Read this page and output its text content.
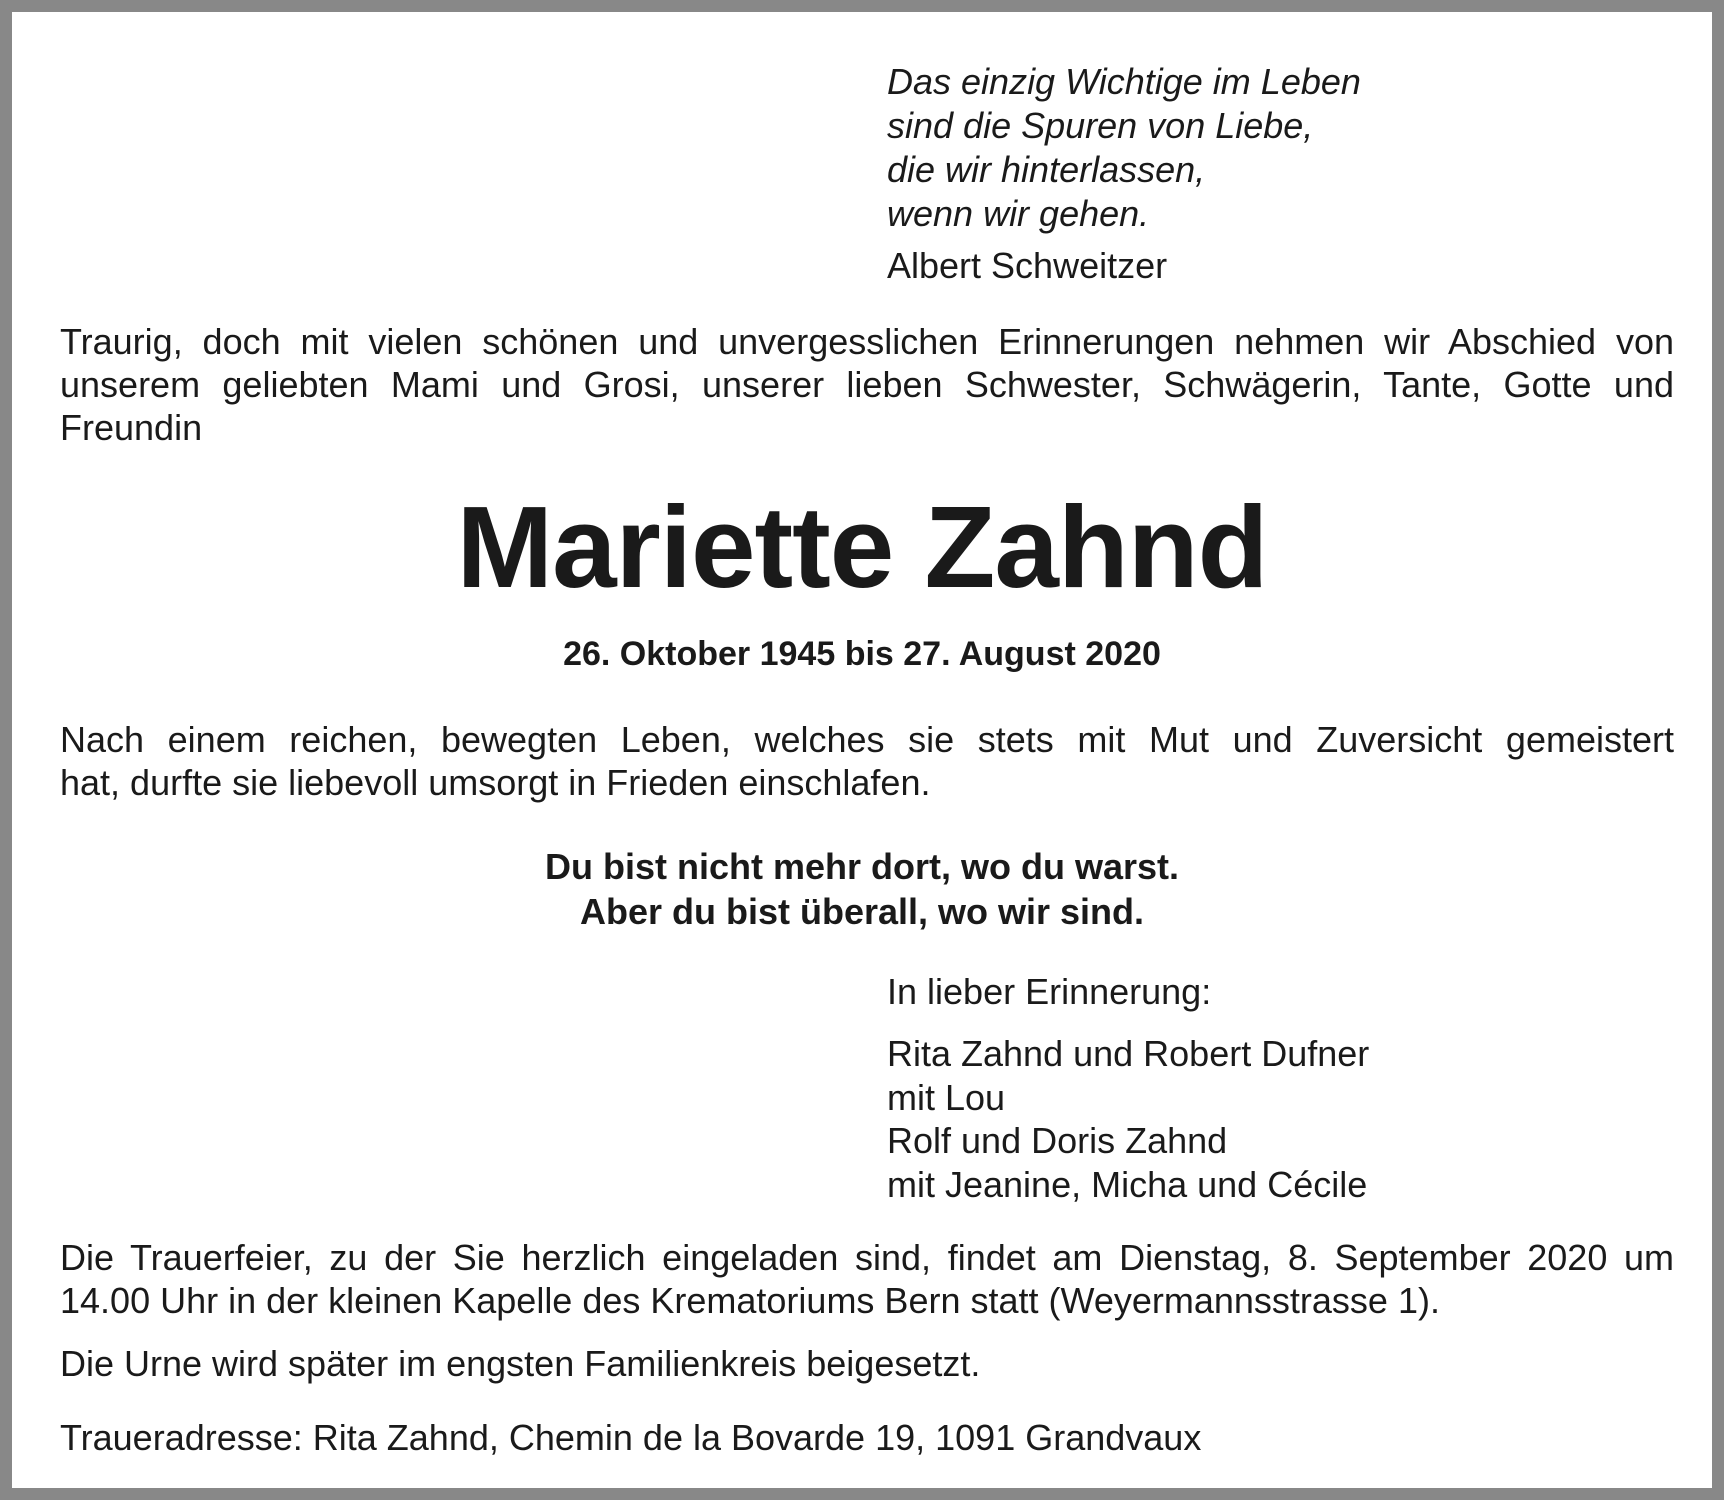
Das einzig Wichtige im Leben
sind die Spuren von Liebe,
die wir hinterlassen,
wenn wir gehen.
Albert Schweitzer
Traurig, doch mit vielen schönen und unvergesslichen Erinnerungen nehmen wir Abschied von
unserem geliebten Mami und Grosi, unserer lieben Schwester, Schwägerin, Tante, Gotte und
Freundin
Mariette Zahnd
26. Oktober 1945 bis 27. August 2020
Nach einem reichen, bewegten Leben, welches sie stets mit Mut und Zuversicht gemeistert
hat, durfte sie liebevoll umsorgt in Frieden einschlafen.
Du bist nicht mehr dort, wo du warst.
Aber du bist überall, wo wir sind.
In lieber Erinnerung:
Rita Zahnd und Robert Dufner
mit Lou
Rolf und Doris Zahnd
mit Jeanine, Micha und Cécile
Die Trauerfeier, zu der Sie herzlich eingeladen sind, findet am Dienstag, 8. September 2020 um
14.00 Uhr in der kleinen Kapelle des Krematoriums Bern statt (Weyermannsstrasse 1).
Die Urne wird später im engsten Familienkreis beigesetzt.
Traueradresse: Rita Zahnd, Chemin de la Bovarde 19, 1091 Grandvaux
